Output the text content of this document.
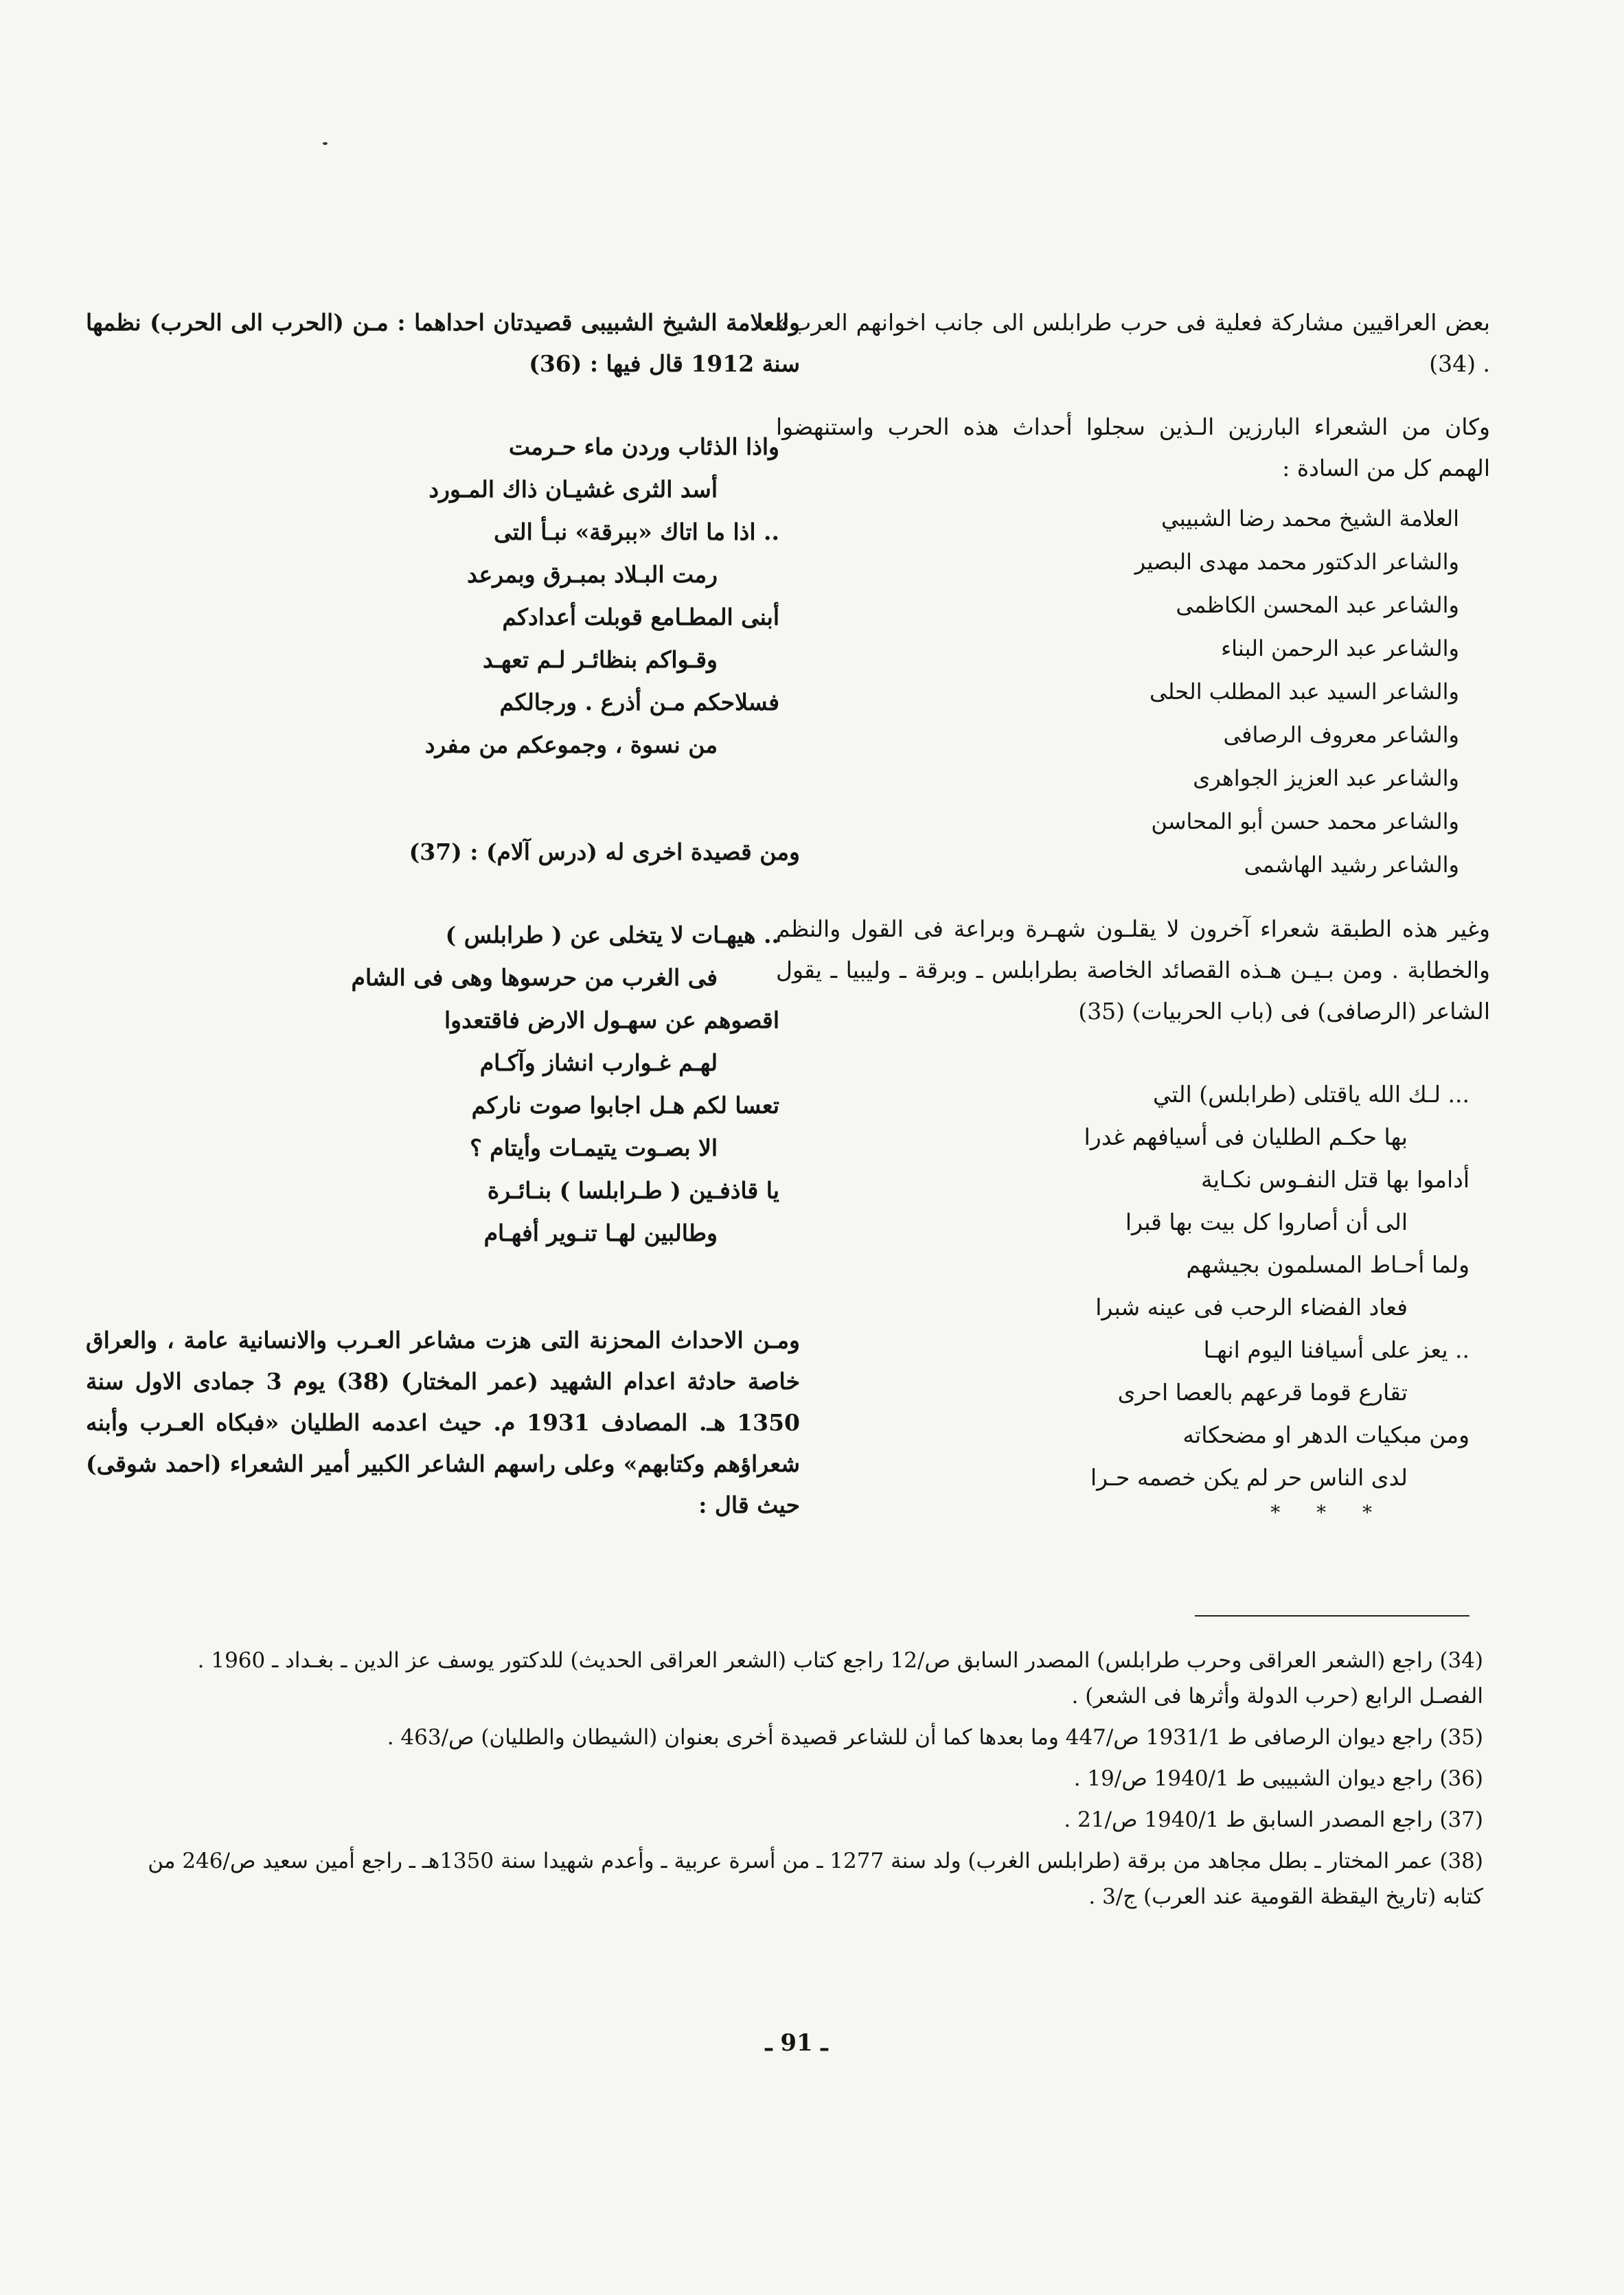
بعض العراقيين مشاركة فعلية فى حرب طرابلس الى جانب اخوانهم العرب» . (34)

وكان من الشعراء البارزين الـذين سجلوا أحداث هذه الحرب واستنهضوا الهمم كل من السادة :

العلامة الشيخ محمد رضا الشبيبي
والشاعر الدكتور محمد مهدى البصير
والشاعر عبد المحسن الكاظمى
والشاعر عبد الرحمن البناء
والشاعر السيد عبد المطلب الحلى
والشاعر معروف الرصافى
والشاعر عبد العزيز الجواهرى
والشاعر محمد حسن أبو المحاسن
والشاعر رشيد الهاشمى

وغير هذه الطبقة شعراء آخرون لا يقلـون شهـرة وبراعة فى القول والنظم والخطابة . ومن بـيـن هـذه القصائد الخاصة بطرابلس ـ وبرقة ـ وليبيا ـ يقول الشاعر (الرصافى) فى (باب الحربيات) (35)

... لـك الله ياقتلى (طرابلس) التي
بها حكـم الطليان فى أسيافهم غدرا
أداموا بها قتل النفـوس نكـاية
الى أن أصاروا كل بيت بها قبرا
ولما أحـاط المسلمون بجيشهم
فعاد الفضاء الرحب فى عينه شبرا
.. يعز على أسيافنا اليوم انهـا
تقارع قوما قرعهم بالعصا احرى
ومن مبكيات الدهر او مضحكاته
لدى الناس حر لم يكن خصمه حـرا
* * *

وللعلامة الشيخ الشبيبى قصيدتان احداهما : مـن (الحرب الى الحرب) نظمها سنة 1912 قال فيها : (36)

واذا الذئاب وردن ماء حـرمت
أسد الثرى غشيـان ذاك المـورد
.. اذا ما اتاك «ببرقة» نبـأ التى
رمت البـلاد بمبـرق وبمرعد
أبنى المطـامع قوبلت أعدادكم
وقـواكم بنظائـر لـم تعهـد
فسلاحكم مـن أذرع . ورجالكم
من نسوة ، وجموعكم من مفرد

ومن قصيدة اخرى له (درس آلام) : (37)

.. هيهـات لا يتخلى عن ( طرابلس )
فى الغرب من حرسوها وهى فى الشام
اقصوهم عن سهـول الارض فاقتعدوا
لهـم غـوارب انشاز وآكـام
تعسا لكم هـل اجابوا صوت ناركم
الا بصـوت يتيمـات وأيتام ؟
يا قاذفـين ( طـرابلسا ) بنـائـرة
وطالبين لهـا تنـوير أفهـام

ومـن الاحداث المحزنة التى هزت مشاعر العـرب والانسانية عامة ، والعراق خاصة حادثة اعدام الشهيد (عمر المختار) (38) يوم 3 جمادى الاول سنة 1350 هـ. المصادف 1931 م. حيث اعدمه الطليان «فبكاه العـرب وأبنه شعراؤهم وكتابهم» وعلى راسهم الشاعر الكبير أمير الشعراء (احمد شوقى) حيث قال :

(34) راجع (الشعر العراقى وحرب طرابلس) المصدر السابق ص/12 راجع كتاب (الشعر العراقى الحديث) للدكتور يوسف عز الدين ـ بغـداد ـ 1960 . الفصـل الرابع (حرب الدولة وأثرها فى الشعر) .
(35) راجع ديوان الرصافى ط 1931/1 ص/447 وما بعدها كما أن للشاعر قصيدة أخرى بعنوان (الشيطان والطليان) ص/463 .
(36) راجع ديوان الشبيبى ط 1940/1 ص/19 .
(37) راجع المصدر السابق ط 1940/1 ص/21 .
(38) عمر المختار ـ بطل مجاهد من برقة (طرابلس الغرب) ولد سنة 1277 ـ من أسرة عربية ـ وأعدم شهيدا سنة 1350هـ ـ راجع أمين سعيد ص/246 من كتابه (تاريخ اليقظة القومية عند العرب) ج/3 .
ـ 91 ـ
